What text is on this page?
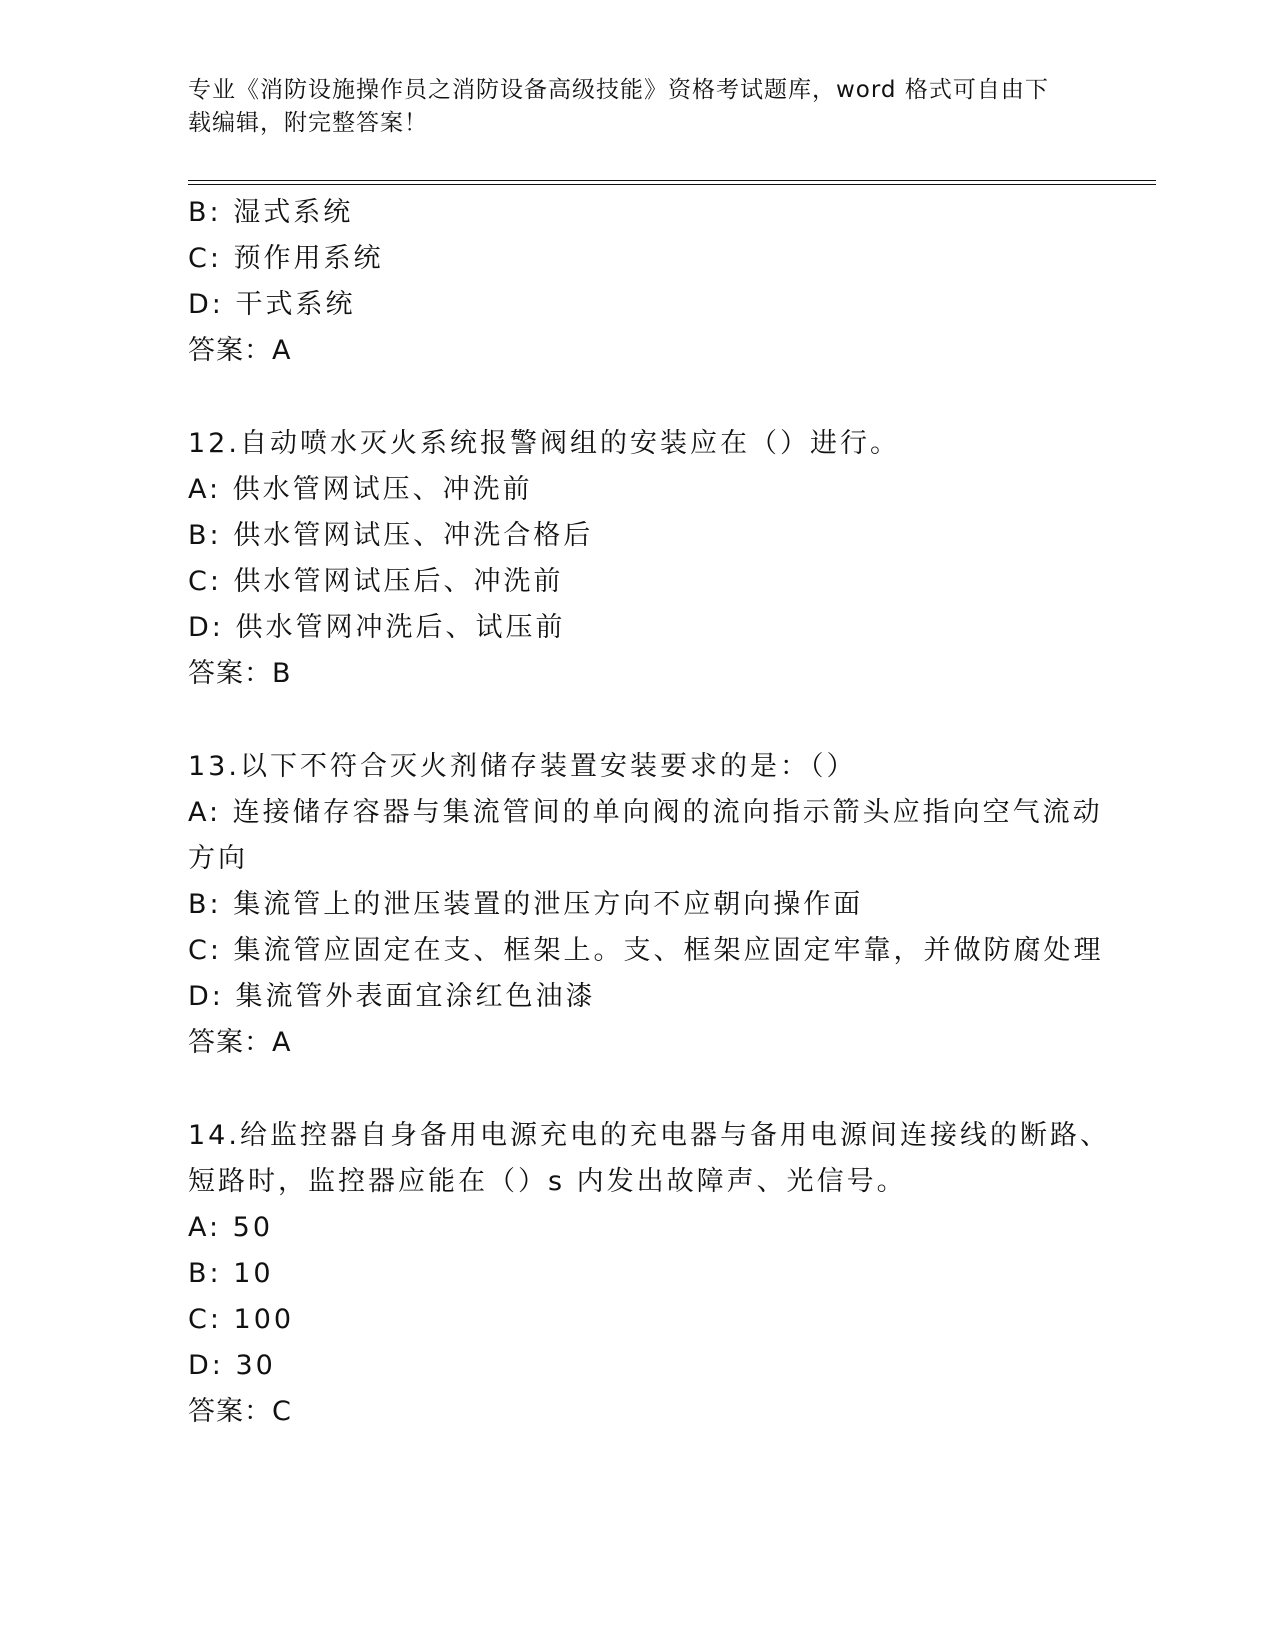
专业《消防设施操作员之消防设备高级技能》资格考试题库，word 格式可自由下
载编辑，附完整答案！
B: 湿式系统
C: 预作用系统
D: 干式系统
答案：A
12.自动喷水灭火系统报警阀组的安装应在（）进行。
A: 供水管网试压、冲洗前
B: 供水管网试压、冲洗合格后
C: 供水管网试压后、冲洗前
D: 供水管网冲洗后、试压前
答案：B
13.以下不符合灭火剂储存装置安装要求的是：（）
A: 连接储存容器与集流管间的单向阀的流向指示箭头应指向空气流动
方向
B: 集流管上的泄压装置的泄压方向不应朝向操作面
C: 集流管应固定在支、框架上。支、框架应固定牢靠，并做防腐处理
D: 集流管外表面宜涂红色油漆
答案：A
14.给监控器自身备用电源充电的充电器与备用电源间连接线的断路、
短路时，监控器应能在（）s 内发出故障声、光信号。
A: 50
B: 10
C: 100
D: 30
答案：C
